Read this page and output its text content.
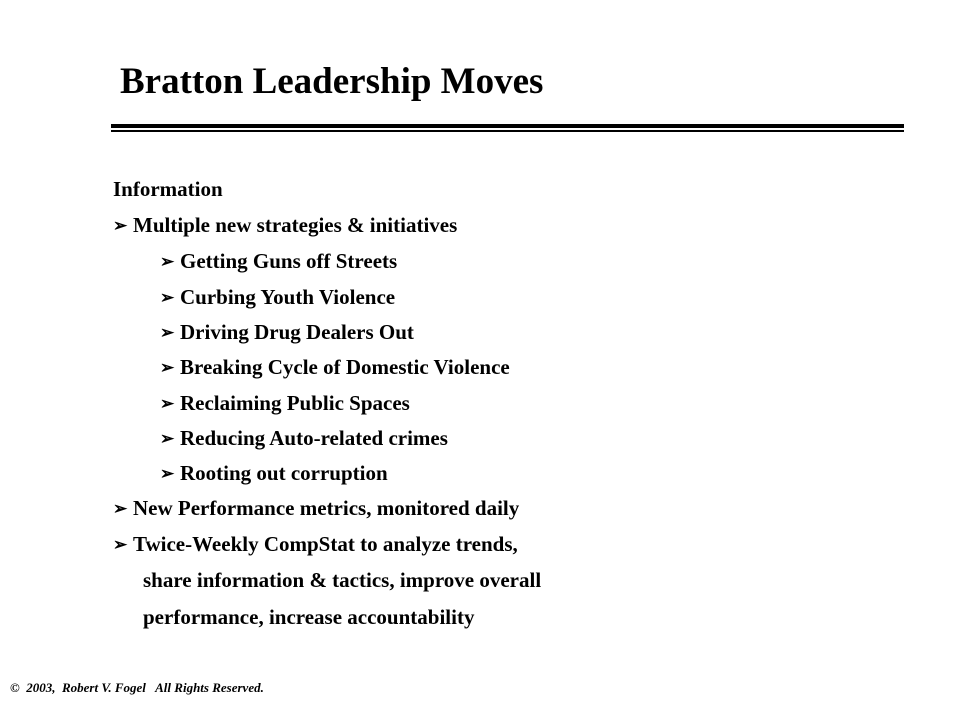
Bratton Leadership Moves
Information
➢ Multiple new strategies & initiatives
➢ Getting Guns off Streets
➢ Curbing Youth Violence
➢ Driving Drug Dealers Out
➢ Breaking Cycle of Domestic Violence
➢ Reclaiming Public Spaces
➢ Reducing Auto-related crimes
➢ Rooting out corruption
➢ New Performance metrics, monitored daily
➢ Twice-Weekly CompStat to analyze trends,
share information & tactics, improve overall
performance, increase accountability
©  2003,  Robert V. Fogel   All Rights Reserved.
